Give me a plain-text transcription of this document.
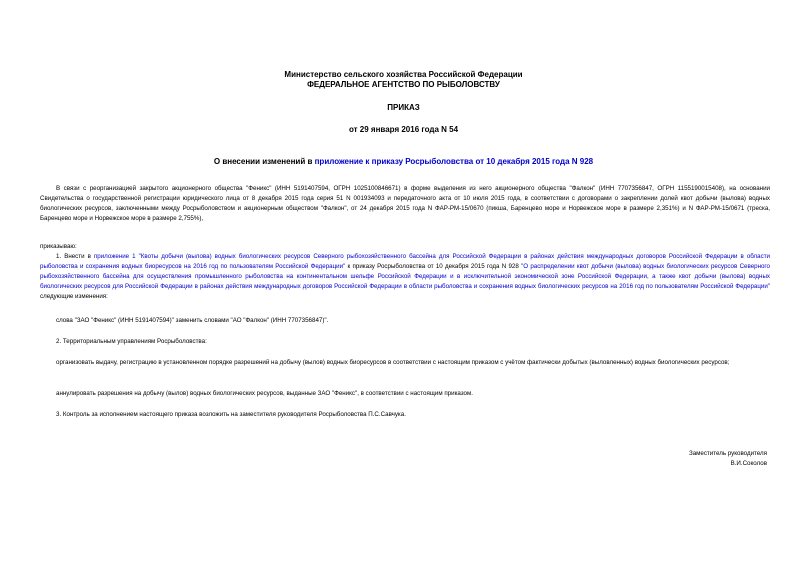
Министерство сельского хозяйства Российской Федерации
ФЕДЕРАЛЬНОЕ АГЕНТСТВО ПО РЫБОЛОВСТВУ
ПРИКАЗ
от 29 января 2016 года N 54
О внесении изменений в приложение к приказу Росрыболовства от 10 декабря 2015 года N 928
В связи с реорганизацией закрытого акционерного общества "Феникс" (ИНН 5191407594, ОГРН 1025100846671) в форме выделения из него акционерного общества "Фалкон" (ИНН 7707356847, ОГРН 1155190015408), на основании Свидетельства о государственной регистрации юридического лица от 8 декабря 2015 года серия 51 N 001934093 и передаточного акта от 10 июля 2015 года, в соответствии с договорами о закреплении долей квот добычи (вылова) водных биологических ресурсов, заключенными между Росрыболовством и акционерным обществом "Фалкон", от 24 декабря 2015 года N ФАР-РМ-15/0670 (пикша, Баренцево море и Норвежское море в размере 2,351%) и N ФАР-РМ-15/0671 (треска, Баренцево море и Норвежское море в размере 2,755%),
приказываю:
1. Внести в приложение 1 "Квоты добычи (вылова) водных биологических ресурсов Северного рыбохозяйственного бассейна для Российской Федерации в районах действия международных договоров Российской Федерации в области рыболовства и сохранения водных биоресурсов на 2016 год по пользователям Российской Федерации" к приказу Росрыболовства от 10 декабря 2015 года N 928 "О распределении квот добычи (вылова) водных биологических ресурсов Северного рыбохозяйственного бассейна для осуществления промышленного рыболовства на континентальном шельфе Российской Федерации и в исключительной экономической зоне Российской Федерации, а также квот добычи (вылова) водных биологических ресурсов для Российской Федерации в районах действия международных договоров Российской Федерации в области рыболовства и сохранения водных биологических ресурсов на 2016 год по пользователям Российской Федерации" следующие изменения:
слова "ЗАО "Феникс" (ИНН 5191407594)" заменить словами "АО "Фалкон" (ИНН 7707356847)".
2. Территориальным управлениям Росрыболовства:
организовать выдачу, регистрацию в установленном порядке разрешений на добычу (вылов) водных биоресурсов в соответствии с настоящим приказом с учётом фактически добытых (выловленных) водных биологических ресурсов;
аннулировать разрешения на добычу (вылов) водных биологических ресурсов, выданные ЗАО "Феникс", в соответствии с настоящим приказом.
3. Контроль за исполнением настоящего приказа возложить на заместителя руководителя Росрыболовства П.С.Савчука.
Заместитель руководителя
В.И.Соколов
